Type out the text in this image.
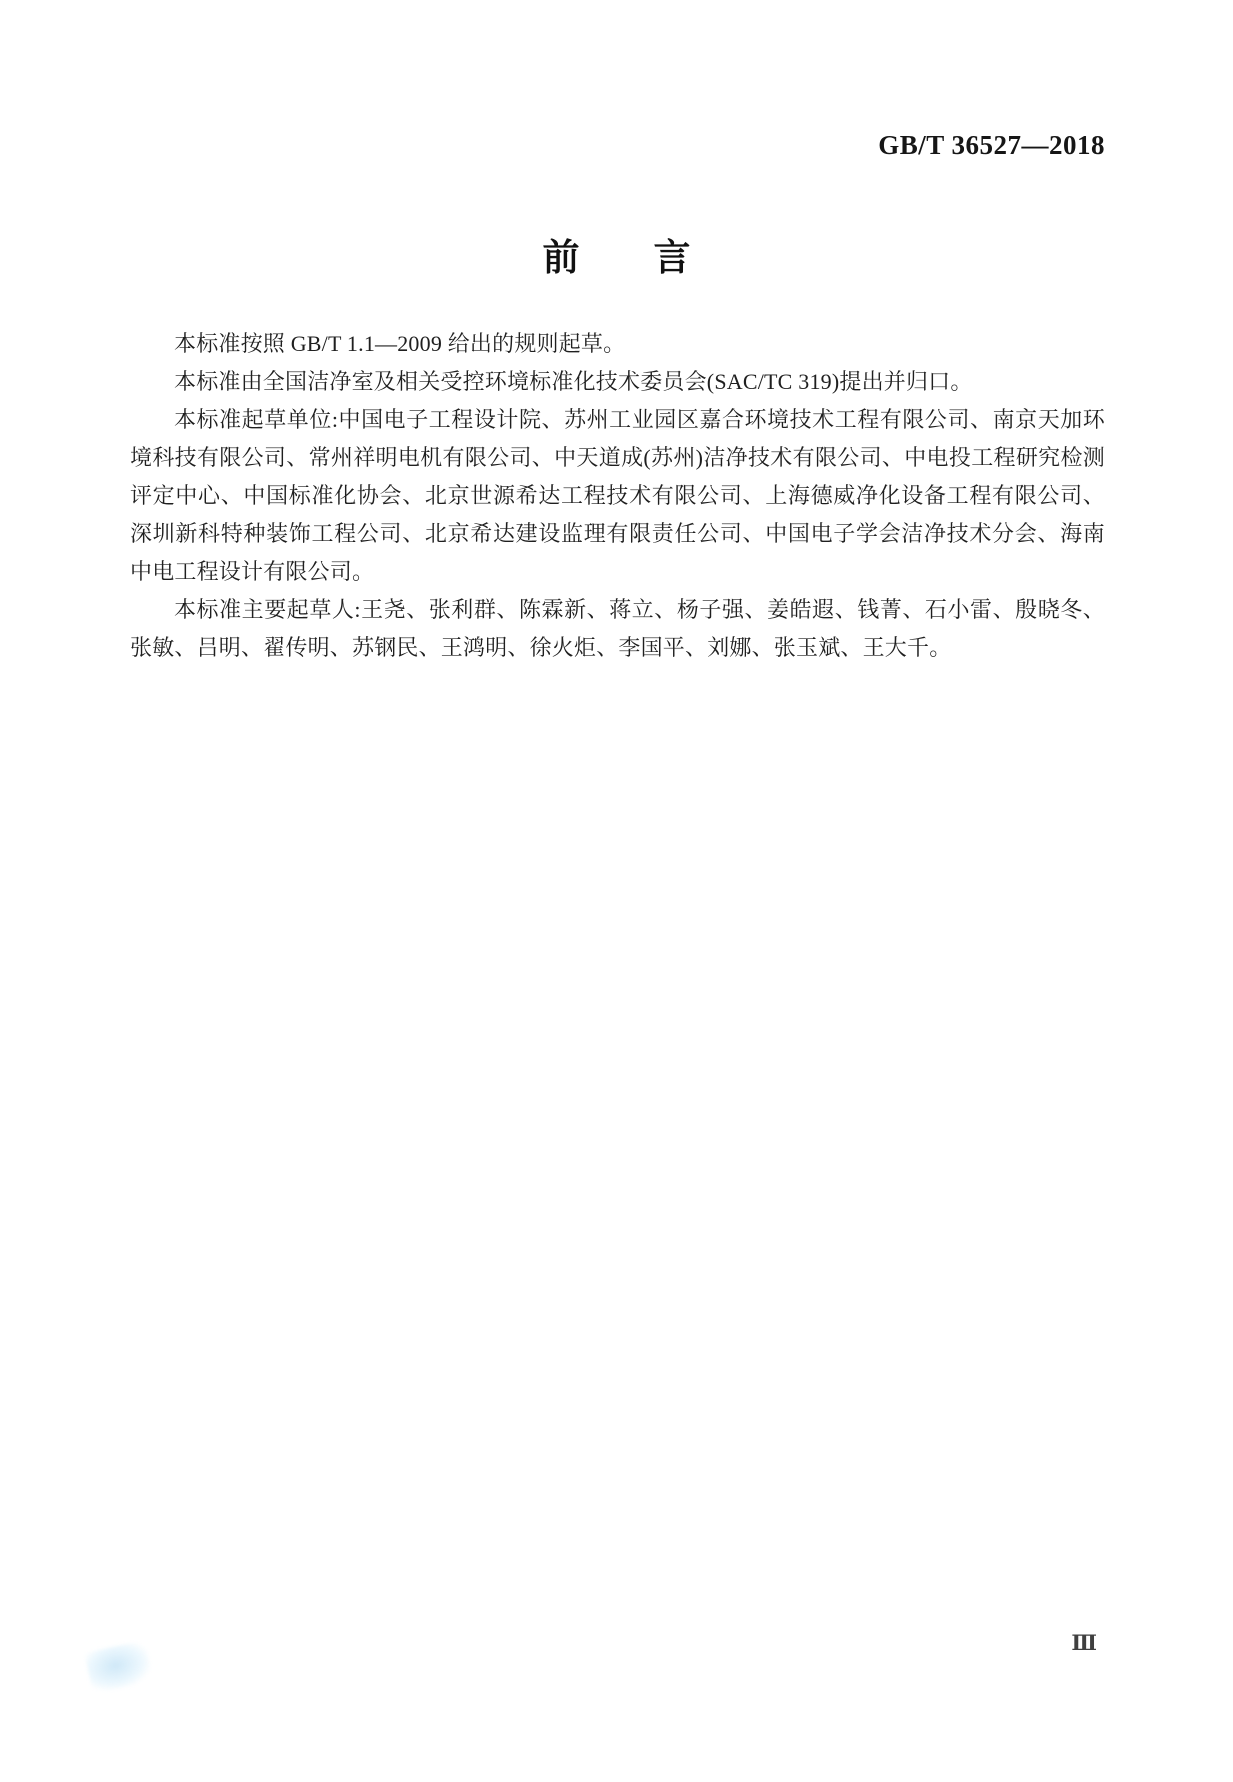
GB/T 36527—2018
前　　言

本标准按照 GB/T 1.1—2009 给出的规则起草。

本标准由全国洁净室及相关受控环境标准化技术委员会(SAC/TC 319)提出并归口。

本标准起草单位:中国电子工程设计院、苏州工业园区嘉合环境技术工程有限公司、南京天加环境科技有限公司、常州祥明电机有限公司、中天道成(苏州)洁净技术有限公司、中电投工程研究检测评定中心、中国标准化协会、北京世源希达工程技术有限公司、上海德威净化设备工程有限公司、深圳新科特种装饰工程公司、北京希达建设监理有限责任公司、中国电子学会洁净技术分会、海南中电工程设计有限公司。

本标准主要起草人:王尧、张利群、陈霖新、蒋立、杨子强、姜皓遐、钱菁、石小雷、殷晓冬、张敏、吕明、翟传明、苏钢民、王鸿明、徐火炬、李国平、刘娜、张玉斌、王大千。

Ⅲ
